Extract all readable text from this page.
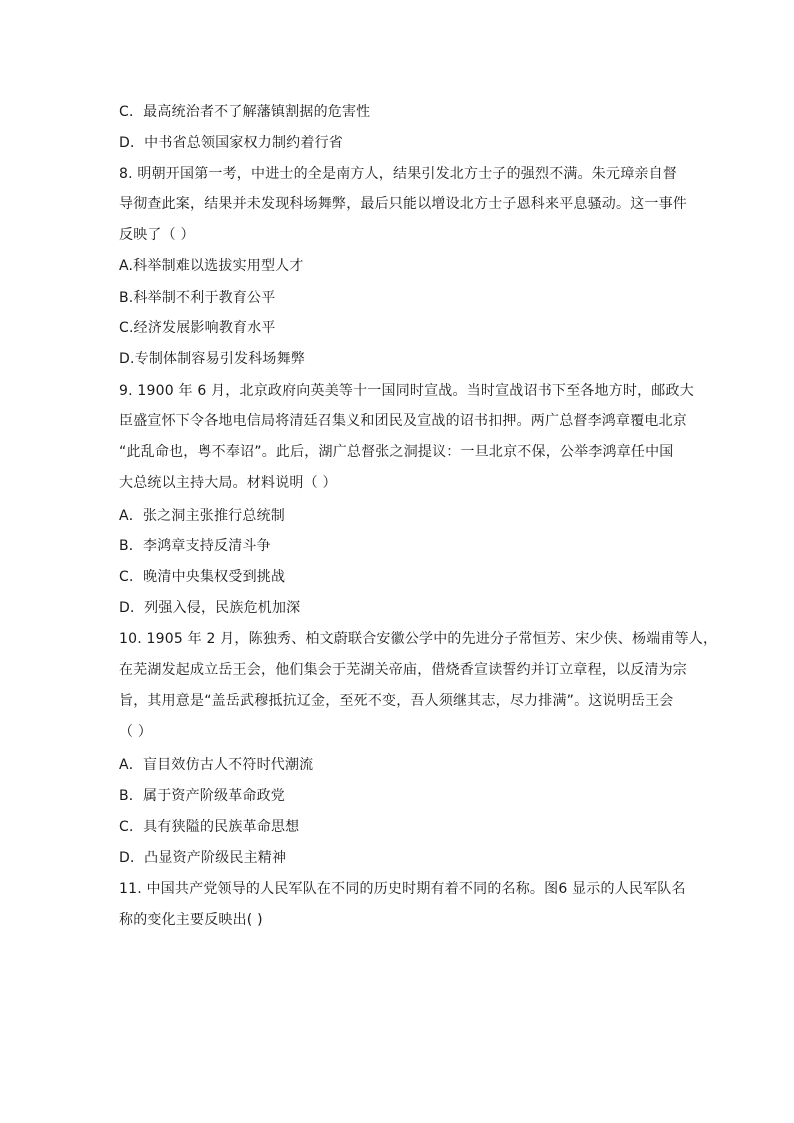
C．最高统治者不了解藩镇割据的危害性
D．中书省总领国家权力制约着行省
8. 明朝开国第一考，中进士的全是南方人，结果引发北方士子的强烈不满。朱元璋亲自督
导彻查此案，结果并未发现科场舞弊，最后只能以增设北方士子恩科来平息骚动。这一事件
反映了（ ）
A.科举制难以选拔实用型人才
B.科举制不利于教育公平
C.经济发展影响教育水平
D.专制体制容易引发科场舞弊
9. 1900 年 6 月，北京政府向英美等十一国同时宣战。当时宣战诏书下至各地方时，邮政大
臣盛宣怀下令各地电信局将清廷召集义和团民及宣战的诏书扣押。两广总督李鸿章覆电北京
“此乱命也，粤不奉诏”。此后，湖广总督张之洞提议：一旦北京不保，公举李鸿章任中国
大总统以主持大局。材料说明（ ）
A．张之洞主张推行总统制
B．李鸿章支持反清斗争
C．晚清中央集权受到挑战
D．列强入侵，民族危机加深
10. 1905 年 2 月，陈独秀、柏文蔚联合安徽公学中的先进分子常恒芳、宋少侠、杨端甫等人，
在芜湖发起成立岳王会，他们集会于芜湖关帝庙，借烧香宣读誓约并订立章程，以反清为宗
旨，其用意是“盖岳武穆抵抗辽金，至死不变，吾人须继其志，尽力排满”。这说明岳王会
（ ）
A．盲目效仿古人不符时代潮流
B．属于资产阶级革命政党
C．具有狭隘的民族革命思想
D．凸显资产阶级民主精神
11. 中国共产党领导的人民军队在不同的历史时期有着不同的名称。图6 显示的人民军队名
称的变化主要反映出( )
